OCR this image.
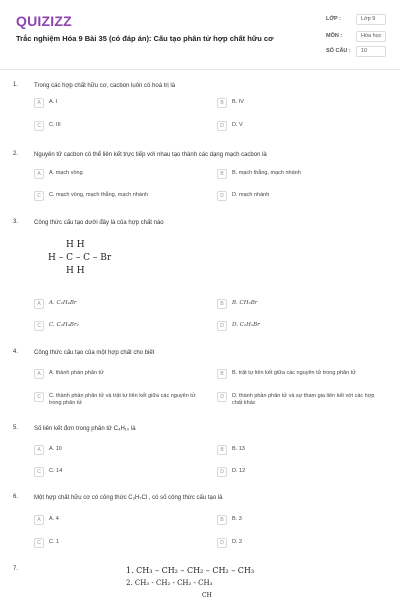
QUIZIZZ
Trắc nghiệm Hóa 9 Bài 35 (có đáp án): Cấu tạo phân tử hợp chất hữu cơ
LỚP :	Lớp 9
MÔN :	Hóa học
SỐ CÂU :	10
1.	Trong các hợp chất hữu cơ, cacbon luôn có hoá trị là
A	A. I	B	B. IV
C	C. III	D	D. V
2.	Nguyên tử cacbon có thể liên kết trực tiếp với nhau tạo thành các dạng mạch cacbon là
A	A. mạch vòng	B	B. mạch thẳng, mạch nhánh
C	C. mạch vòng, mạch thẳng, mạch nhánh	D	D. mạch nhánh
3.	Công thức cấu tạo dưới đây là của hợp chất nào
H H
H – C – C – Br
H H
A	A. C₂H₄Br	B	B. CH₃Br
C	C. C₂H₄Br₂	D	D. C₂H₅Br
4.	Công thức cấu tạo của một hợp chất cho biết
A	A. thành phần phân tử	B	B. trật tự liên kết giữa các nguyên tử trong phân tử
C	C. thành phần phân tử và trật tự liên kết giữa các nguyên tử trong phân tử
D	D. thành phần phân tử và sự tham gia liên kết với các hợp chất khác
5.	Số liên kết đơn trong phân tử C₄H₁₀ là
A	A. 10	B	B. 13
C	C. 14	D	D. 12
6.	Một hợp chất hữu cơ có công thức C₃H₇Cl , có số công thức cấu tạo là
A	A. 4	B	B. 3
C	C. 1	D	D. 2
7.	1. CH₃ – CH₂ – CH₂ – CH₂ – CH₃
2. CH₃ - CH₂ - CH₂ - CH₃
CH
